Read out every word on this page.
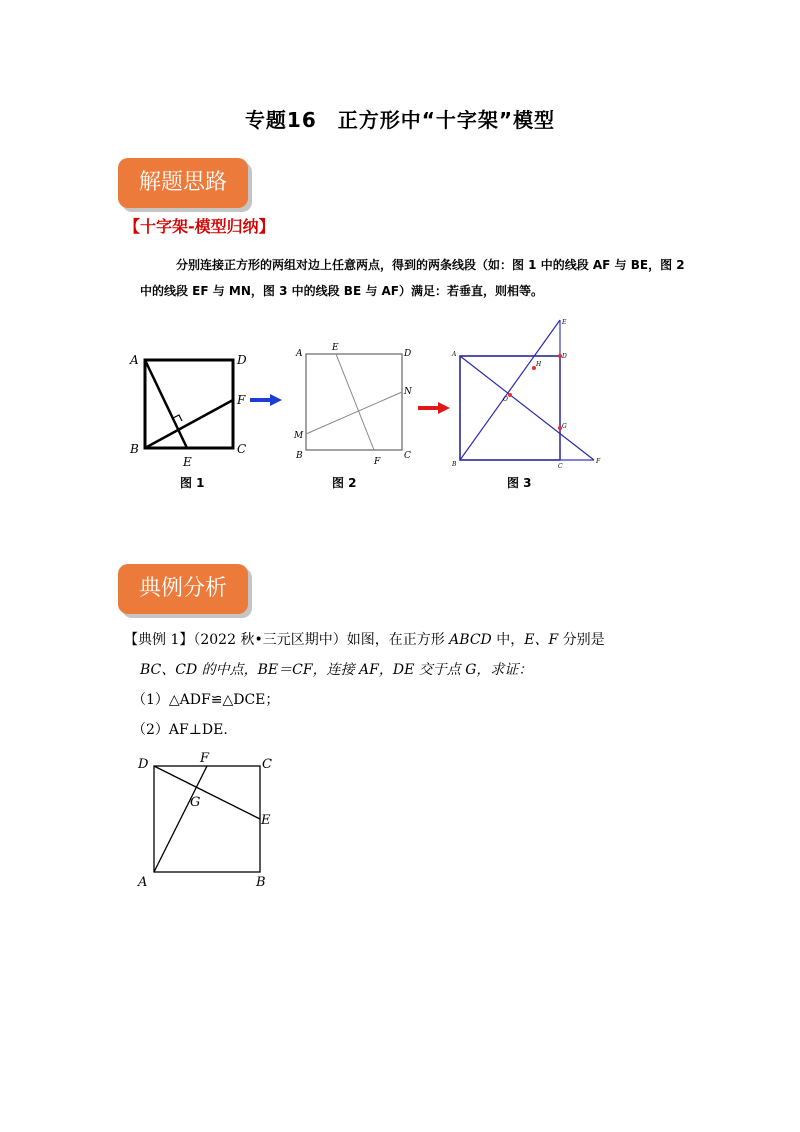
专题16　正方形中“十字架”模型
解题思路
【十字架-模型归纳】
分别连接正方形的两组对边上任意两点，得到的两条线段（如：图 1 中的线段 AF 与 BE，图 2 中的线段 EF 与 MN，图 3 中的线段 BE 与 AF）满足：若垂直，则相等。
A	D
B	C
E
F
图 1
A
E
D
N
M
B
F
C
图 2
A	D
B	C
E
F
G
H
O
图 3
典例分析
【典例 1】（2022 秋•三元区期中）如图，在正方形 ABCD 中，E、F 分别是
BC、CD 的中点，BE＝CF，连接 AF，DE 交于点 G，求证：
（1）△ADF≌△DCE；
（2）AF⊥DE.
D	F	C
G
E
A	B
